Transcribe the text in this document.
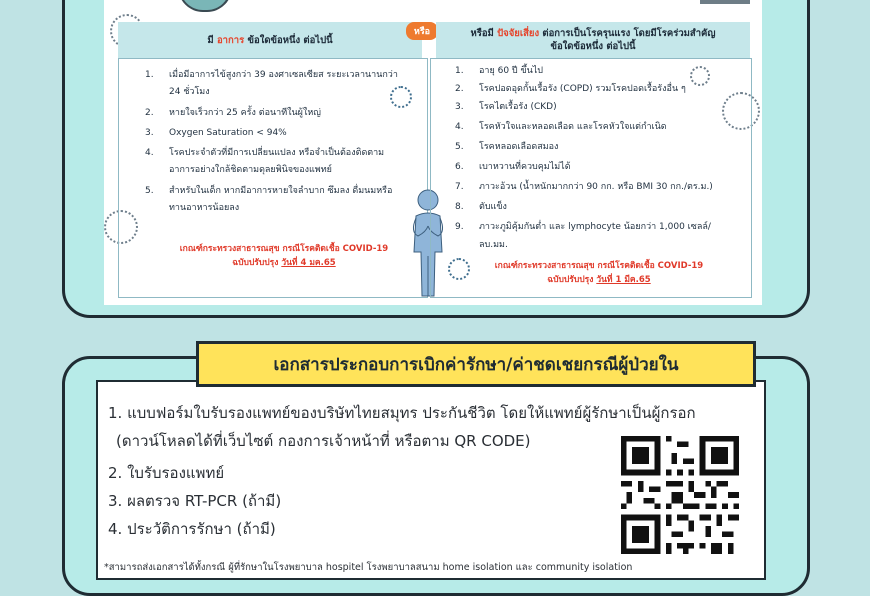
มี อาการ ข้อใดข้อหนึ่ง ต่อไปนี้
หรือ	หรือมี ปัจจัยเสี่ยง ต่อการเป็นโรครุนแรง โดยมีโรคร่วมสำคัญ
ข้อใดข้อหนึ่ง ต่อไปนี้
1.	เมื่อมีอาการไข้สูงกว่า 39 องศาเซลเซียส ระยะเวลานานกว่า
24 ชั่วโมง
2.	หายใจเร็วกว่า 25 ครั้ง ต่อนาทีในผู้ใหญ่
3.	Oxygen Saturation < 94%
4.	โรคประจำตัวที่มีการเปลี่ยนแปลง หรือจำเป็นต้องติดตาม
อาการอย่างใกล้ชิดตามดุลยพินิจของแพทย์
5.	สำหรับในเด็ก หากมีอาการหายใจลำบาก ซึมลง ดื่มนมหรือ
ทานอาหารน้อยลง
เกณฑ์กระทรวงสาธารณสุข กรณีโรคติดเชื้อ COVID-19
ฉบับปรับปรุง วันที่ 4 มค.65
1.	อายุ 60 ปี ขึ้นไป
2.	โรคปอดอุดกั้นเรื้อรัง (COPD) รวมโรคปอดเรื้อรังอื่น ๆ
3.	โรคไตเรื้อรัง (CKD)
4.	โรคหัวใจและหลอดเลือด และโรคหัวใจแต่กำเนิด
5.	โรคหลอดเลือดสมอง
6.	เบาหวานที่ควบคุมไม่ได้
7.	ภาวะอ้วน (น้ำหนักมากกว่า 90 กก. หรือ BMI 30 กก./ตร.ม.)
8.	ตับแข็ง
9.	ภาวะภูมิคุ้มกันต่ำ และ lymphocyte น้อยกว่า 1,000 เซลล์/
ลบ.มม.
เกณฑ์กระทรวงสาธารณสุข กรณีโรคติดเชื้อ COVID-19
ฉบับปรับปรุง วันที่ 1 มีค.65
เอกสารประกอบการเบิกค่ารักษา/ค่าชดเชยกรณีผู้ป่วยใน
1. แบบฟอร์มใบรับรองแพทย์ของบริษัทไทยสมุทร ประกันชีวิต โดยให้แพทย์ผู้รักษาเป็นผู้กรอก
(ดาวน์โหลดได้ที่เว็บไซต์ กองการเจ้าหน้าที่ หรือตาม QR CODE)
2. ใบรับรองแพทย์
3. ผลตรวจ RT-PCR (ถ้ามี)
4. ประวัติการรักษา (ถ้ามี)
*สามารถส่งเอกสารได้ทั้งกรณี ผู้ที่รักษาในโรงพยาบาล hospitel โรงพยาบาลสนาม home isolation และ community isolation
